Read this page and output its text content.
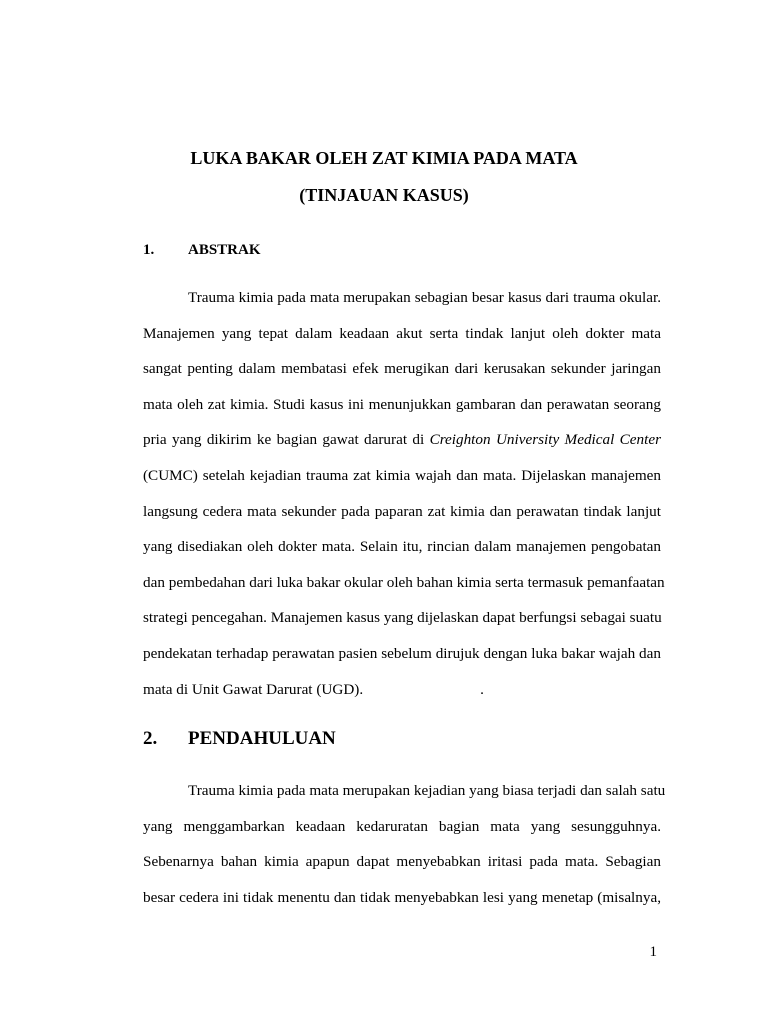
LUKA BAKAR OLEH ZAT KIMIA PADA MATA
(TINJAUAN KASUS)
1. ABSTRAK
Trauma kimia pada mata merupakan sebagian besar kasus dari trauma okular.
Manajemen yang tepat dalam keadaan akut serta tindak lanjut oleh dokter mata
sangat penting dalam membatasi efek merugikan dari kerusakan sekunder jaringan
mata oleh zat kimia. Studi kasus ini menunjukkan gambaran dan perawatan seorang
pria yang dikirim ke bagian gawat darurat di Creighton University Medical Center
(CUMC) setelah kejadian trauma zat kimia wajah dan mata. Dijelaskan manajemen
langsung cedera mata sekunder pada paparan zat kimia dan perawatan tindak lanjut
yang disediakan oleh dokter mata. Selain itu, rincian dalam manajemen pengobatan
dan pembedahan dari luka bakar okular oleh bahan kimia serta termasuk pemanfaatan
strategi pencegahan. Manajemen kasus yang dijelaskan dapat berfungsi sebagai suatu
pendekatan terhadap perawatan pasien sebelum dirujuk dengan luka bakar wajah dan
mata di Unit Gawat Darurat (UGD).	.
2. PENDAHULUAN
Trauma kimia pada mata merupakan kejadian yang biasa terjadi dan salah satu
yang menggambarkan keadaan kedaruratan bagian mata yang sesungguhnya.
Sebenarnya bahan kimia apapun dapat menyebabkan iritasi pada mata. Sebagian
besar cedera ini tidak menentu dan tidak menyebabkan lesi yang menetap (misalnya,
1
